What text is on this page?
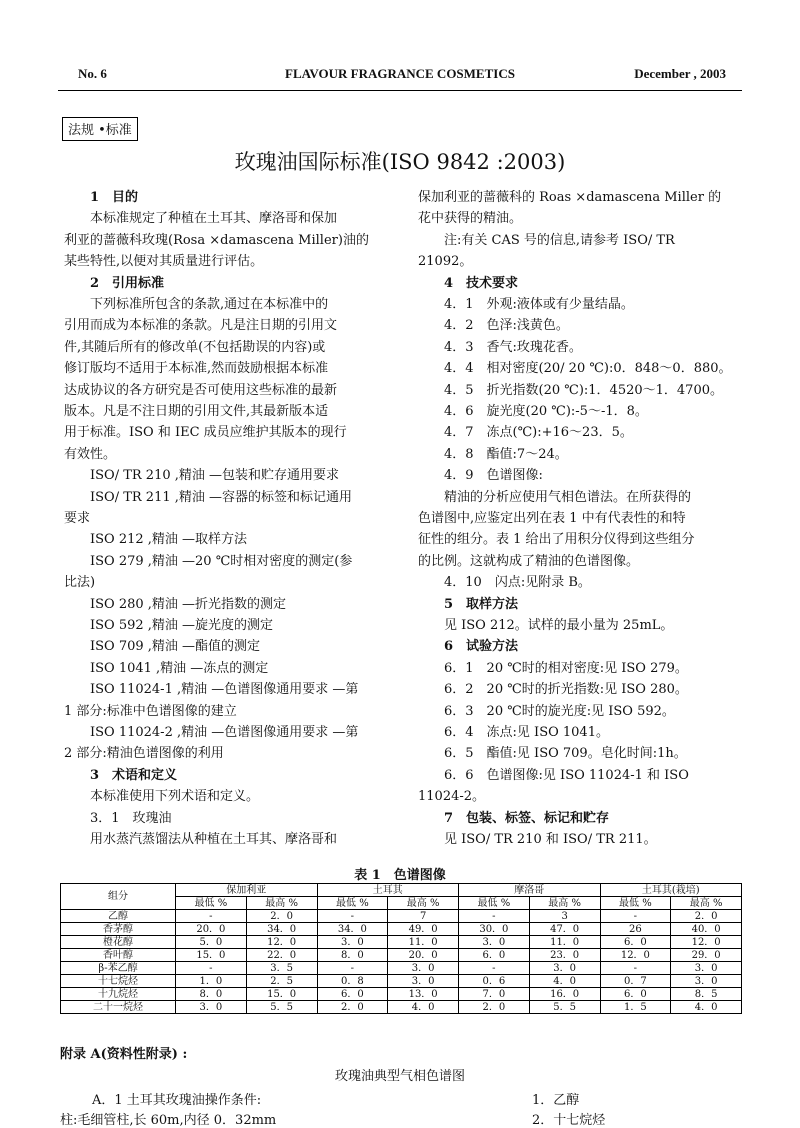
No. 6	FLAVOUR FRAGRANCE COSMETICS	December , 2003
法规 •标准
玫瑰油国际标准(ISO 9842 :2003)
1　目的
本标准规定了种植在土耳其、摩洛哥和保加
利亚的蔷薇科玫瑰(Rosa ×damascena Miller)油的
某些特性,以便对其质量进行评估。
2　引用标准
下列标准所包含的条款,通过在本标准中的
引用而成为本标准的条款。凡是注日期的引用文
件,其随后所有的修改单(不包括勘误的内容)或
修订版均不适用于本标准,然而鼓励根据本标准
达成协议的各方研究是否可使用这些标准的最新
版本。凡是不注日期的引用文件,其最新版本适
用于标准。ISO 和 IEC 成员应维护其版本的现行
有效性。
ISO/ TR 210 ,精油 —包装和贮存通用要求
ISO/ TR 211 ,精油 —容器的标签和标记通用
要求
ISO 212 ,精油 —取样方法
ISO 279 ,精油 —20 ℃时相对密度的测定(参
比法)
ISO 280 ,精油 —折光指数的测定
ISO 592 ,精油 —旋光度的测定
ISO 709 ,精油 —酯值的测定
ISO 1041 ,精油 —冻点的测定
ISO 11024-1 ,精油 —色谱图像通用要求 —第
1 部分:标准中色谱图像的建立
ISO 11024-2 ,精油 —色谱图像通用要求 —第
2 部分:精油色谱图像的利用
3　术语和定义
本标准使用下列术语和定义。
3．1　玫瑰油
用水蒸汽蒸馏法从种植在土耳其、摩洛哥和
保加利亚的蔷薇科的 Roas ×damascena Miller 的
花中获得的精油。
注:有关 CAS 号的信息,请参考 ISO/ TR
21092。
4　技术要求
4．1　外观:液体或有少量结晶。
4．2　色泽:浅黄色。
4．3　香气:玫瑰花香。
4．4　相对密度(20/ 20 ℃):0．848～0．880。
4．5　折光指数(20 ℃):1．4520～1．4700。
4．6　旋光度(20 ℃):-5～-1．8。
4．7　冻点(℃):+16～23．5。
4．8　酯值:7～24。
4．9　色谱图像:
精油的分析应使用气相色谱法。在所获得的
色谱图中,应鉴定出列在表 1 中有代表性的和特
征性的组分。表 1 给出了用积分仪得到这些组分
的比例。这就构成了精油的色谱图像。
4．10　闪点:见附录 B。
5　取样方法
见 ISO 212。试样的最小量为 25mL。
6　试验方法
6．1　20 ℃时的相对密度:见 ISO 279。
6．2　20 ℃时的折光指数:见 ISO 280。
6．3　20 ℃时的旋光度:见 ISO 592。
6．4　冻点:见 ISO 1041。
6．5　酯值:见 ISO 709。皂化时间:1h。
6．6　色谱图像:见 ISO 11024-1 和 ISO
11024-2。
7　包装、标签、标记和贮存
见 ISO/ TR 210 和 ISO/ TR 211。
表 1　色谱图像
组分	保加利亚		土耳其		摩洛哥		土耳其(栽培)	
	最低 %	最高 %	最低 %	最高 %	最低 %	最高 %	最低 %	最高 %
乙醇	-	2．0	-	7	-	3	-	2．0
香茅醇	20．0	34．0	34．0	49．0	30．0	47．0	26	40．0
橙花醇	5．0	12．0	3．0	11．0	3．0	11．0	6．0	12．0
香叶醇	15．0	22．0	8．0	20．0	6．0	23．0	12．0	29．0
β-苯乙醇	-	3．5	-	3．0	-	3．0	-	3．0
十七烷烃	1．0	2．5	0．8	3．0	0．6	4．0	0．7	3．0
十九烷烃	8．0	15．0	6．0	13．0	7．0	16．0	6．0	8．5
二十一烷烃	3．0	5．5	2．0	4．0	2．0	5．5	1．5	4．0
附录 A(资料性附录) :
玫瑰油典型气相色谱图
A．1 土耳其玫瑰油操作条件:
柱:毛细管柱,长 60m,内径 0．32mm
1．乙醇
2．十七烷烃
